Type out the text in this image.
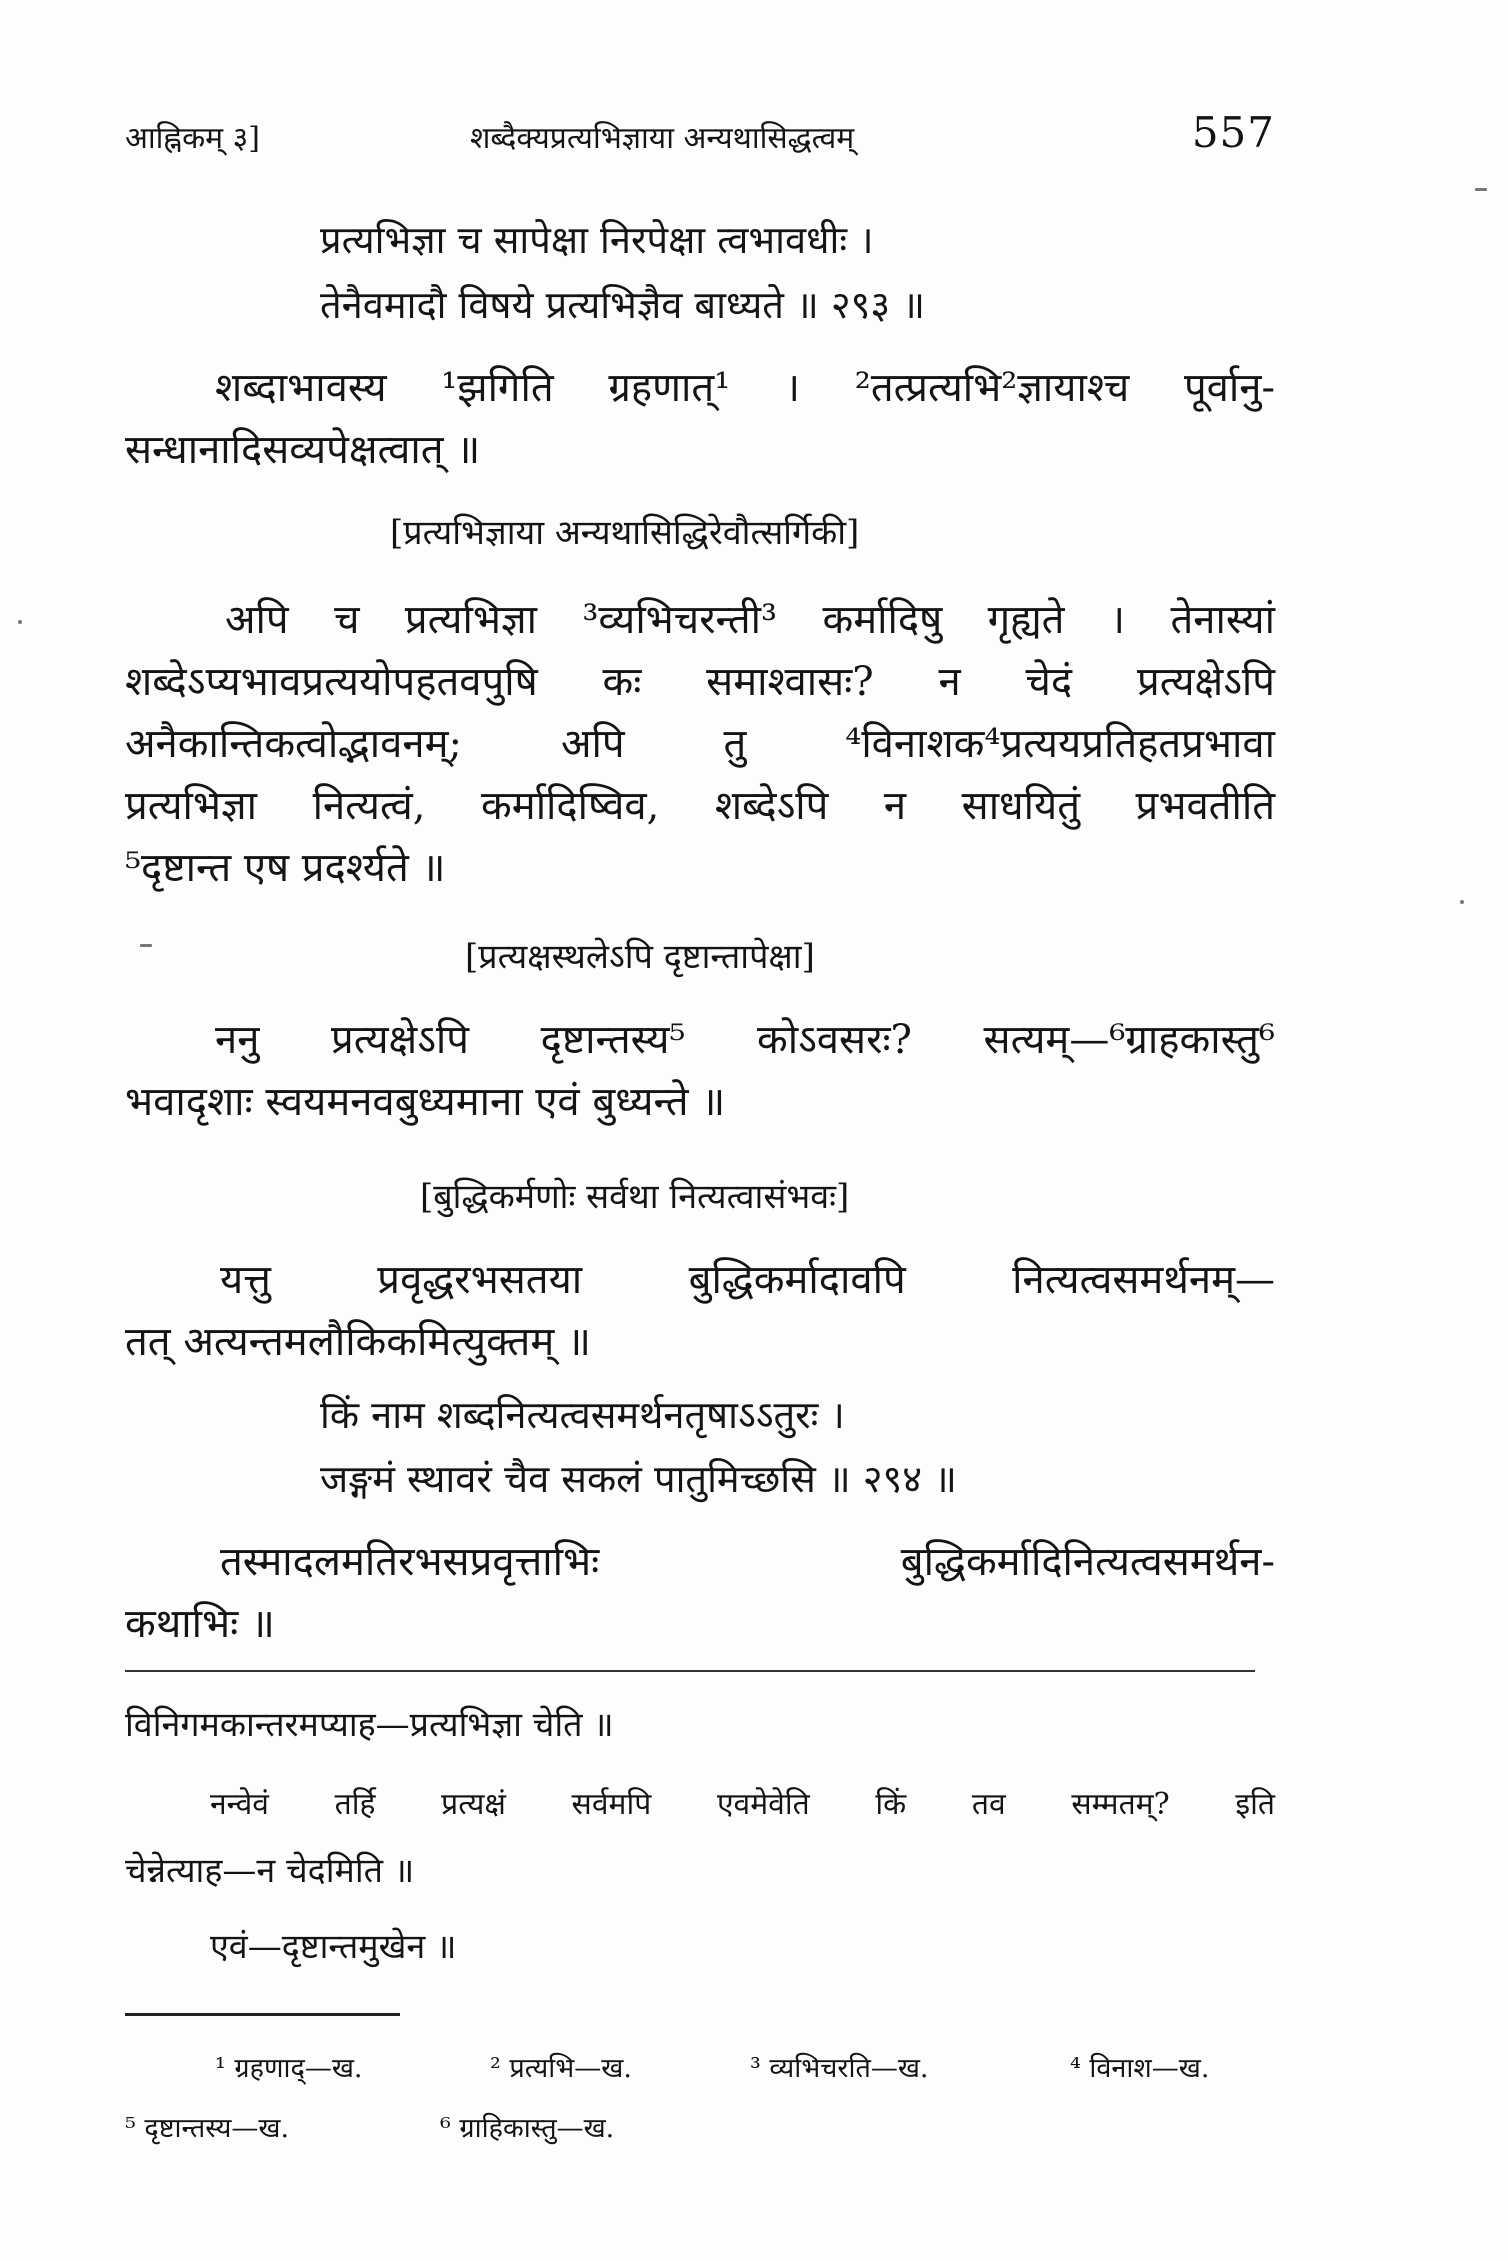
आह्निकम् ३]	शब्दैक्यप्रत्यभिज्ञाया अन्यथासिद्धत्वम्	557
प्रत्यभिज्ञा च सापेक्षा निरपेक्षा त्वभावधीः ।
तेनैवमादौ विषये प्रत्यभिज्ञैव बाध्यते ॥ २९३ ॥
शब्दाभावस्य ¹झगिति ग्रहणात्¹ । ²तत्प्रत्यभि²ज्ञायाश्च पूर्वानु-
सन्धानादिसव्यपेक्षत्वात् ॥
[प्रत्यभिज्ञाया अन्यथासिद्धिरेवौत्सर्गिकी]
अपि च प्रत्यभिज्ञा ³व्यभिचरन्ती³ कर्मादिषु गृह्यते । तेनास्यां
शब्देऽप्यभावप्रत्ययोपहतवपुषि कः समाश्वासः? न चेदं प्रत्यक्षेऽपि
अनैकान्तिकत्वोद्भावनम्; अपि तु ⁴विनाशक⁴प्रत्ययप्रतिहतप्रभावा
प्रत्यभिज्ञा नित्यत्वं, कर्मादिष्विव, शब्देऽपि न साधयितुं प्रभवतीति
⁵दृष्टान्त एष प्रदर्श्यते ॥
[प्रत्यक्षस्थलेऽपि दृष्टान्तापेक्षा]
ननु प्रत्यक्षेऽपि दृष्टान्तस्य⁵ कोऽवसरः? सत्यम्—⁶ग्राहकास्तु⁶
भवादृशाः स्वयमनवबुध्यमाना एवं बुध्यन्ते ॥
[बुद्धिकर्मणोः सर्वथा नित्यत्वासंभवः]
यत्तु प्रवृद्धरभसतया बुद्धिकर्मादावपि नित्यत्वसमर्थनम्—
तत् अत्यन्तमलौकिकमित्युक्तम् ॥
किं नाम शब्दनित्यत्वसमर्थनतृषाऽऽतुरः ।
जङ्गमं स्थावरं चैव सकलं पातुमिच्छसि ॥ २९४ ॥
तस्मादलमतिरभसप्रवृत्ताभिः बुद्धिकर्मादिनित्यत्वसमर्थन-
कथाभिः ॥
विनिगमकान्तरमप्याह—प्रत्यभिज्ञा चेति ॥
नन्वेवं तर्हि प्रत्यक्षं सर्वमपि एवमेवेति किं तव सम्मतम्? इति
चेन्नेत्याह—न चेदमिति ॥
एवं—दृष्टान्तमुखेन ॥
¹ ग्रहणाद्—ख.	² प्रत्यभि—ख.	³ व्यभिचरति—ख.	⁴ विनाश—ख.
⁵ दृष्टान्तस्य—ख.	⁶ ग्राहिकास्तु—ख.
